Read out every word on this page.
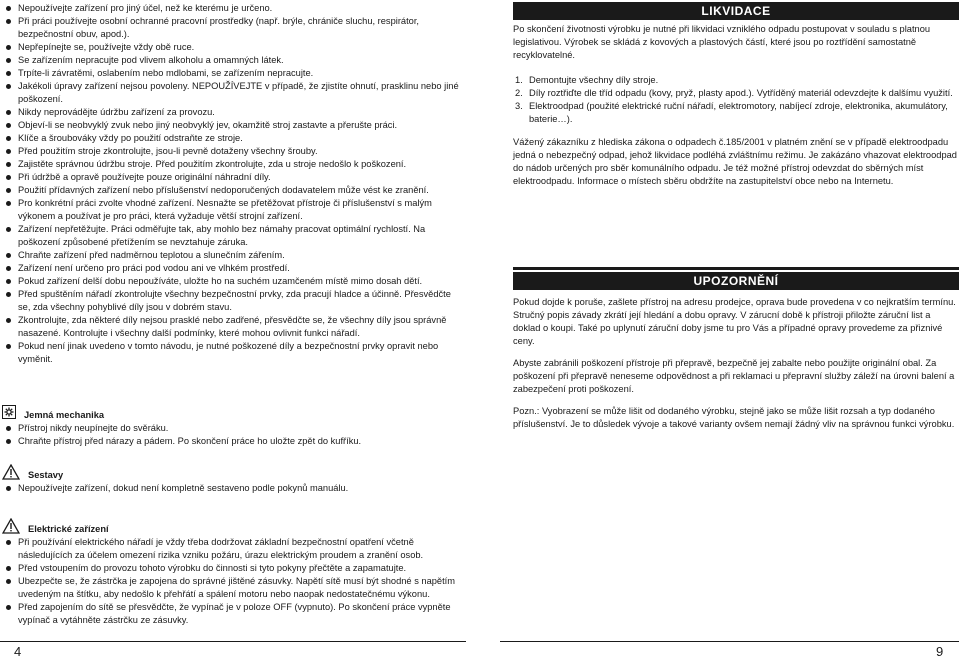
Nepoužívejte zařízení pro jiný účel, než ke kterému je určeno.
Při práci používejte osobní ochranné pracovní prostředky (např. brýle, chrániče sluchu, respirátor, bezpečnostní obuv, apod.).
Nepřepínejte se, používejte vždy obě ruce.
Se zařízením nepracujte pod vlivem alkoholu a omamných látek.
Trpíte-li závratěmi, oslabením nebo mdlobami, se zařízením nepracujte.
Jakékoli úpravy zařízení nejsou povoleny. NEPOUŽÍVEJTE v případě, že zjistíte ohnutí, prasklinu nebo jiné poškození.
Nikdy neprovádějte údržbu zařízení za provozu.
Objeví-li se neobvyklý zvuk nebo jiný neobvyklý jev, okamžitě stroj zastavte a přerušte práci.
Klíče a šroubováky vždy po použití odstraňte ze stroje.
Před použitím stroje zkontrolujte, jsou-li pevně dotaženy všechny šrouby.
Zajistěte správnou údržbu stroje. Před použitím zkontrolujte, zda u stroje nedošlo k poškození.
Při údržbě a opravě používejte pouze originální náhradní díly.
Použití přídavných zařízení nebo příslušenství nedoporučených dodavatelem může vést ke zranění.
Pro konkrétní práci zvolte vhodné zařízení. Nesnažte se přetěžovat přístroje či příslušenství s malým výkonem a používat je pro práci, která vyžaduje větší strojní zařízení.
Zařízení nepřetěžujte. Práci odměřujte tak, aby mohlo bez námahy pracovat optimální rychlostí. Na poškození způsobené přetížením se nevztahuje záruka.
Chraňte zařízení před nadměrnou teplotou a slunečním zářením.
Zařízení není určeno pro práci pod vodou ani ve vlhkém prostředí.
Pokud zařízení delší dobu nepoužíváte, uložte ho na suchém uzamčeném místě mimo dosah dětí.
Před spuštěním nářadí zkontrolujte všechny bezpečnostní prvky, zda pracují hladce a účinně. Přesvědčte se, zda všechny pohyblivé díly jsou v dobrém stavu.
Zkontrolujte, zda některé díly nejsou prasklé nebo zadřené, přesvědčte se, že všechny díly jsou správně nasazené. Kontrolujte i všechny další podmínky, které mohou ovlivnit funkci nářadí.
Pokud není jinak uvedeno v tomto návodu, je nutné poškozené díly a bezpečnostní prvky opravit nebo vyměnit.
Jemná mechanika
Přístroj nikdy neupínejte do svěráku.
Chraňte přístroj před nárazy a pádem. Po skončení práce ho uložte zpět do kufříku.
Sestavy
Nepoužívejte zařízení, dokud není kompletně sestaveno podle pokynů manuálu.
Elektrické zařízení
Při používání elektrického nářadí je vždy třeba dodržovat základní bezpečnostní opatření včetně následujících za účelem omezení rizika vzniku požáru, úrazu elektrickým proudem a zranění osob.
Před vstoupením do provozu tohoto výrobku do činnosti si tyto pokyny přečtěte a zapamatujte.
Ubezpečte se, že zástrčka je zapojena do správné jištěné zásuvky. Napětí sítě musí být shodné s napětím uvedeným na štítku, aby nedošlo k přehřátí a spálení motoru nebo naopak nedostatečnému výkonu.
Před zapojením do sítě se přesvědčte, že vypínač je v poloze OFF (vypnuto). Po skončení práce vypněte vypínač a vytáhněte zástrčku ze zásuvky.
LIKVIDACE

Po skončení životnosti výrobku je nutné při likvidaci vzniklého odpadu postupovat v souladu s platnou legislativou. Výrobek se skládá z kovových a plastových částí, které jsou po roztřídění samostatně recyklovatelné.

1. Demontujte všechny díly stroje.
2. Díly roztřiďte dle tříd odpadu (kovy, pryž, plasty apod.). Vytříděný materiál odevzdejte k dalšímu využití.
3. Elektroodpad (použité elektrické ruční nářadí, elektromotory, nabíjecí zdroje, elektronika, akumulátory, baterie…).

Vážený zákazníku z hlediska zákona o odpadech č.185/2001 v platném znění se v případě elektroodpadu jedná o nebezpečný odpad, jehož likvidace podléhá zvláštnímu režimu. Je zakázáno vhazovat elektroodpad do nádob určených pro sběr komunálního odpadu. Je též možné přístroj odevzdat do sběrných míst elektroodpadu. Informace o místech sběru obdržíte na zastupitelství obce nebo na Internetu.

UPOZORNĚNÍ

Pokud dojde k poruše, zašlete přístroj na adresu prodejce, oprava bude provedena v co nejkratším termínu. Stručný popis závady zkrátí její hledání a dobu opravy. V zárucní době k přístroji přiložte záruční list a doklad o koupi. Také po uplynutí záruční doby jsme tu pro Vás a případné opravy provedeme za přiznivé ceny.

Abyste zabránili poškození přístroje při přepravě, bezpečně jej zabalte nebo použijte originální obal. Za poškození při přepravě neneseme odpovědnost a při reklamaci u přepravní služby záleží na úrovni balení a zabezpečení proti poškození.

Pozn.: Vyobrazení se může lišit od dodaného výrobku, stejně jako se může lišit rozsah a typ dodaného příslušenství. Je to důsledek vývoje a takové varianty ovšem nemají žádný vliv na správnou funkci výrobku.

4	9
